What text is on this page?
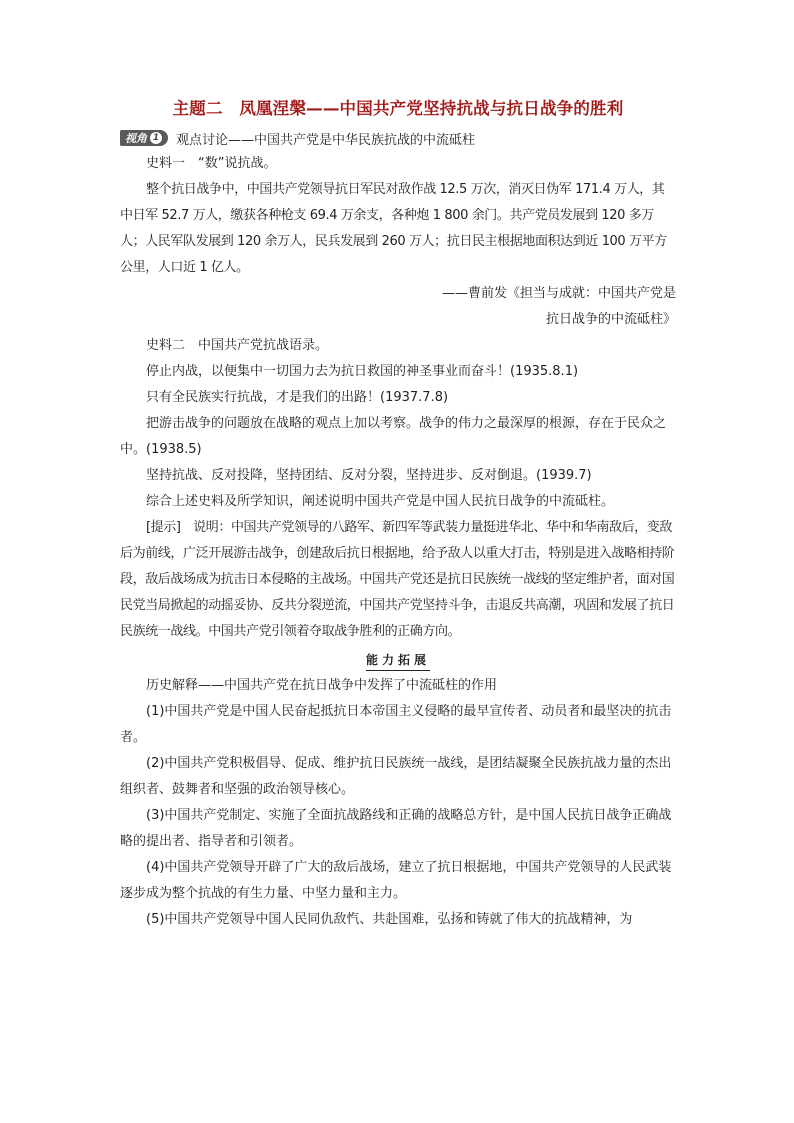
主题二　凤凰涅槃——中国共产党坚持抗战与抗日战争的胜利
视角 1 观点讨论——中国共产党是中华民族抗战的中流砥柱

史料一　“数”说抗战。

整个抗日战争中，中国共产党领导抗日军民对敌作战 12.5 万次，消灭日伪军 171.4 万人，其中日军 52.7 万人，缴获各种枪支 69.4 万余支，各种炮 1 800 余门。共产党员发展到 120 多万人；人民军队发展到 120 余万人，民兵发展到 260 万人；抗日民主根据地面积达到近 100 万平方公里，人口近 1 亿人。

——曹前发《担当与成就：中国共产党是

抗日战争的中流砥柱》

史料二　中国共产党抗战语录。

停止内战，以便集中一切国力去为抗日救国的神圣事业而奋斗！(1935.8.1)

只有全民族实行抗战，才是我们的出路！(1937.7.8)

把游击战争的问题放在战略的观点上加以考察。战争的伟力之最深厚的根源，存在于民众之中。(1938.5)

坚持抗战、反对投降，坚持团结、反对分裂，坚持进步、反对倒退。(1939.7)

综合上述史料及所学知识，阐述说明中国共产党是中国人民抗日战争的中流砥柱。

[提示]　说明：中国共产党领导的八路军、新四军等武装力量挺进华北、华中和华南敌后，变敌后为前线，广泛开展游击战争，创建敌后抗日根据地，给予敌人以重大打击，特别是进入战略相持阶段，敌后战场成为抗击日本侵略的主战场。中国共产党还是抗日民族统一战线的坚定维护者，面对国民党当局掀起的动摇妥协、反共分裂逆流，中国共产党坚持斗争，击退反共高潮，巩固和发展了抗日民族统一战线。中国共产党引领着夺取战争胜利的正确方向。

能力拓展

历史解释——中国共产党在抗日战争中发挥了中流砥柱的作用

(1)中国共产党是中国人民奋起抵抗日本帝国主义侵略的最早宣传者、动员者和最坚决的抗击者。

(2)中国共产党积极倡导、促成、维护抗日民族统一战线，是团结凝聚全民族抗战力量的杰出组织者、鼓舞者和坚强的政治领导核心。

(3)中国共产党制定、实施了全面抗战路线和正确的战略总方针，是中国人民抗日战争正确战略的提出者、指导者和引领者。

(4)中国共产党领导开辟了广大的敌后战场，建立了抗日根据地，中国共产党领导的人民武装逐步成为整个抗战的有生力量、中坚力量和主力。

(5)中国共产党领导中国人民同仇敌忾、共赴国难，弘扬和铸就了伟大的抗战精神，为
